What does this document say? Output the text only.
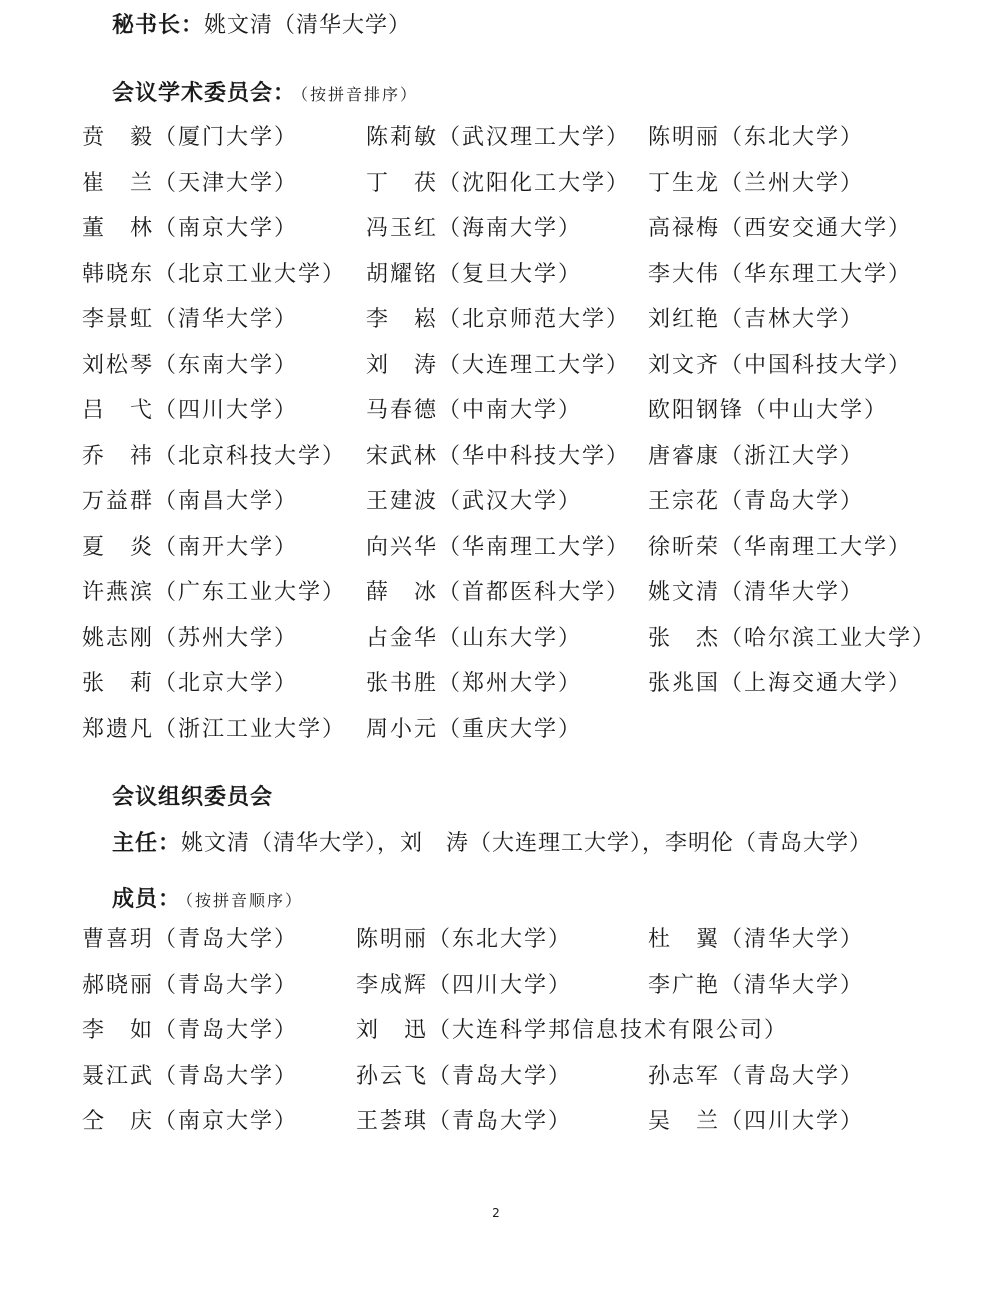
秘书长：姚文清（清华大学）
会议学术委员会： （按拼音排序）
贲　毅（厦门大学）	陈莉敏（武汉理工大学） 陈明丽（东北大学）
崔　兰（天津大学）	丁　茯（沈阳化工大学） 丁生龙（兰州大学）
董　林（南京大学）	冯玉红（海南大学）	高禄梅（西安交通大学）
韩晓东（北京工业大学） 胡耀铭（复旦大学）	李大伟（华东理工大学）
李景虹（清华大学）	李　崧（北京师范大学） 刘红艳（吉林大学）
刘松琴（东南大学）	刘　涛（大连理工大学） 刘文齐（中国科技大学）
吕　弋（四川大学）	马春德（中南大学）	欧阳钢锋（中山大学）
乔　祎（北京科技大学） 宋武林（华中科技大学） 唐睿康（浙江大学）
万益群（南昌大学）	王建波（武汉大学）	王宗花（青岛大学）
夏　炎（南开大学）	向兴华（华南理工大学） 徐昕荣（华南理工大学）
许燕滨（广东工业大学） 薛　冰（首都医科大学） 姚文清（清华大学）
姚志刚（苏州大学）	占金华（山东大学）	张　杰（哈尔滨工业大学）
张　莉（北京大学）	张书胜（郑州大学）	张兆国（上海交通大学）
郑遗凡（浙江工业大学） 周小元（重庆大学）
会议组织委员会
主任：姚文清（清华大学），刘　涛（大连理工大学），李明伦（青岛大学）
成员： （按拼音顺序）
曹喜玥（青岛大学）	陈明丽（东北大学）	杜　翼（清华大学）
郝晓丽（青岛大学）	李成辉（四川大学）	李广艳（清华大学）
李　如（青岛大学）	刘　迅（大连科学邦信息技术有限公司）
聂江武（青岛大学）	孙云飞（青岛大学）	孙志军（青岛大学）
仝　庆（南京大学）	王荟琪（青岛大学）	吴　兰（四川大学）
2
